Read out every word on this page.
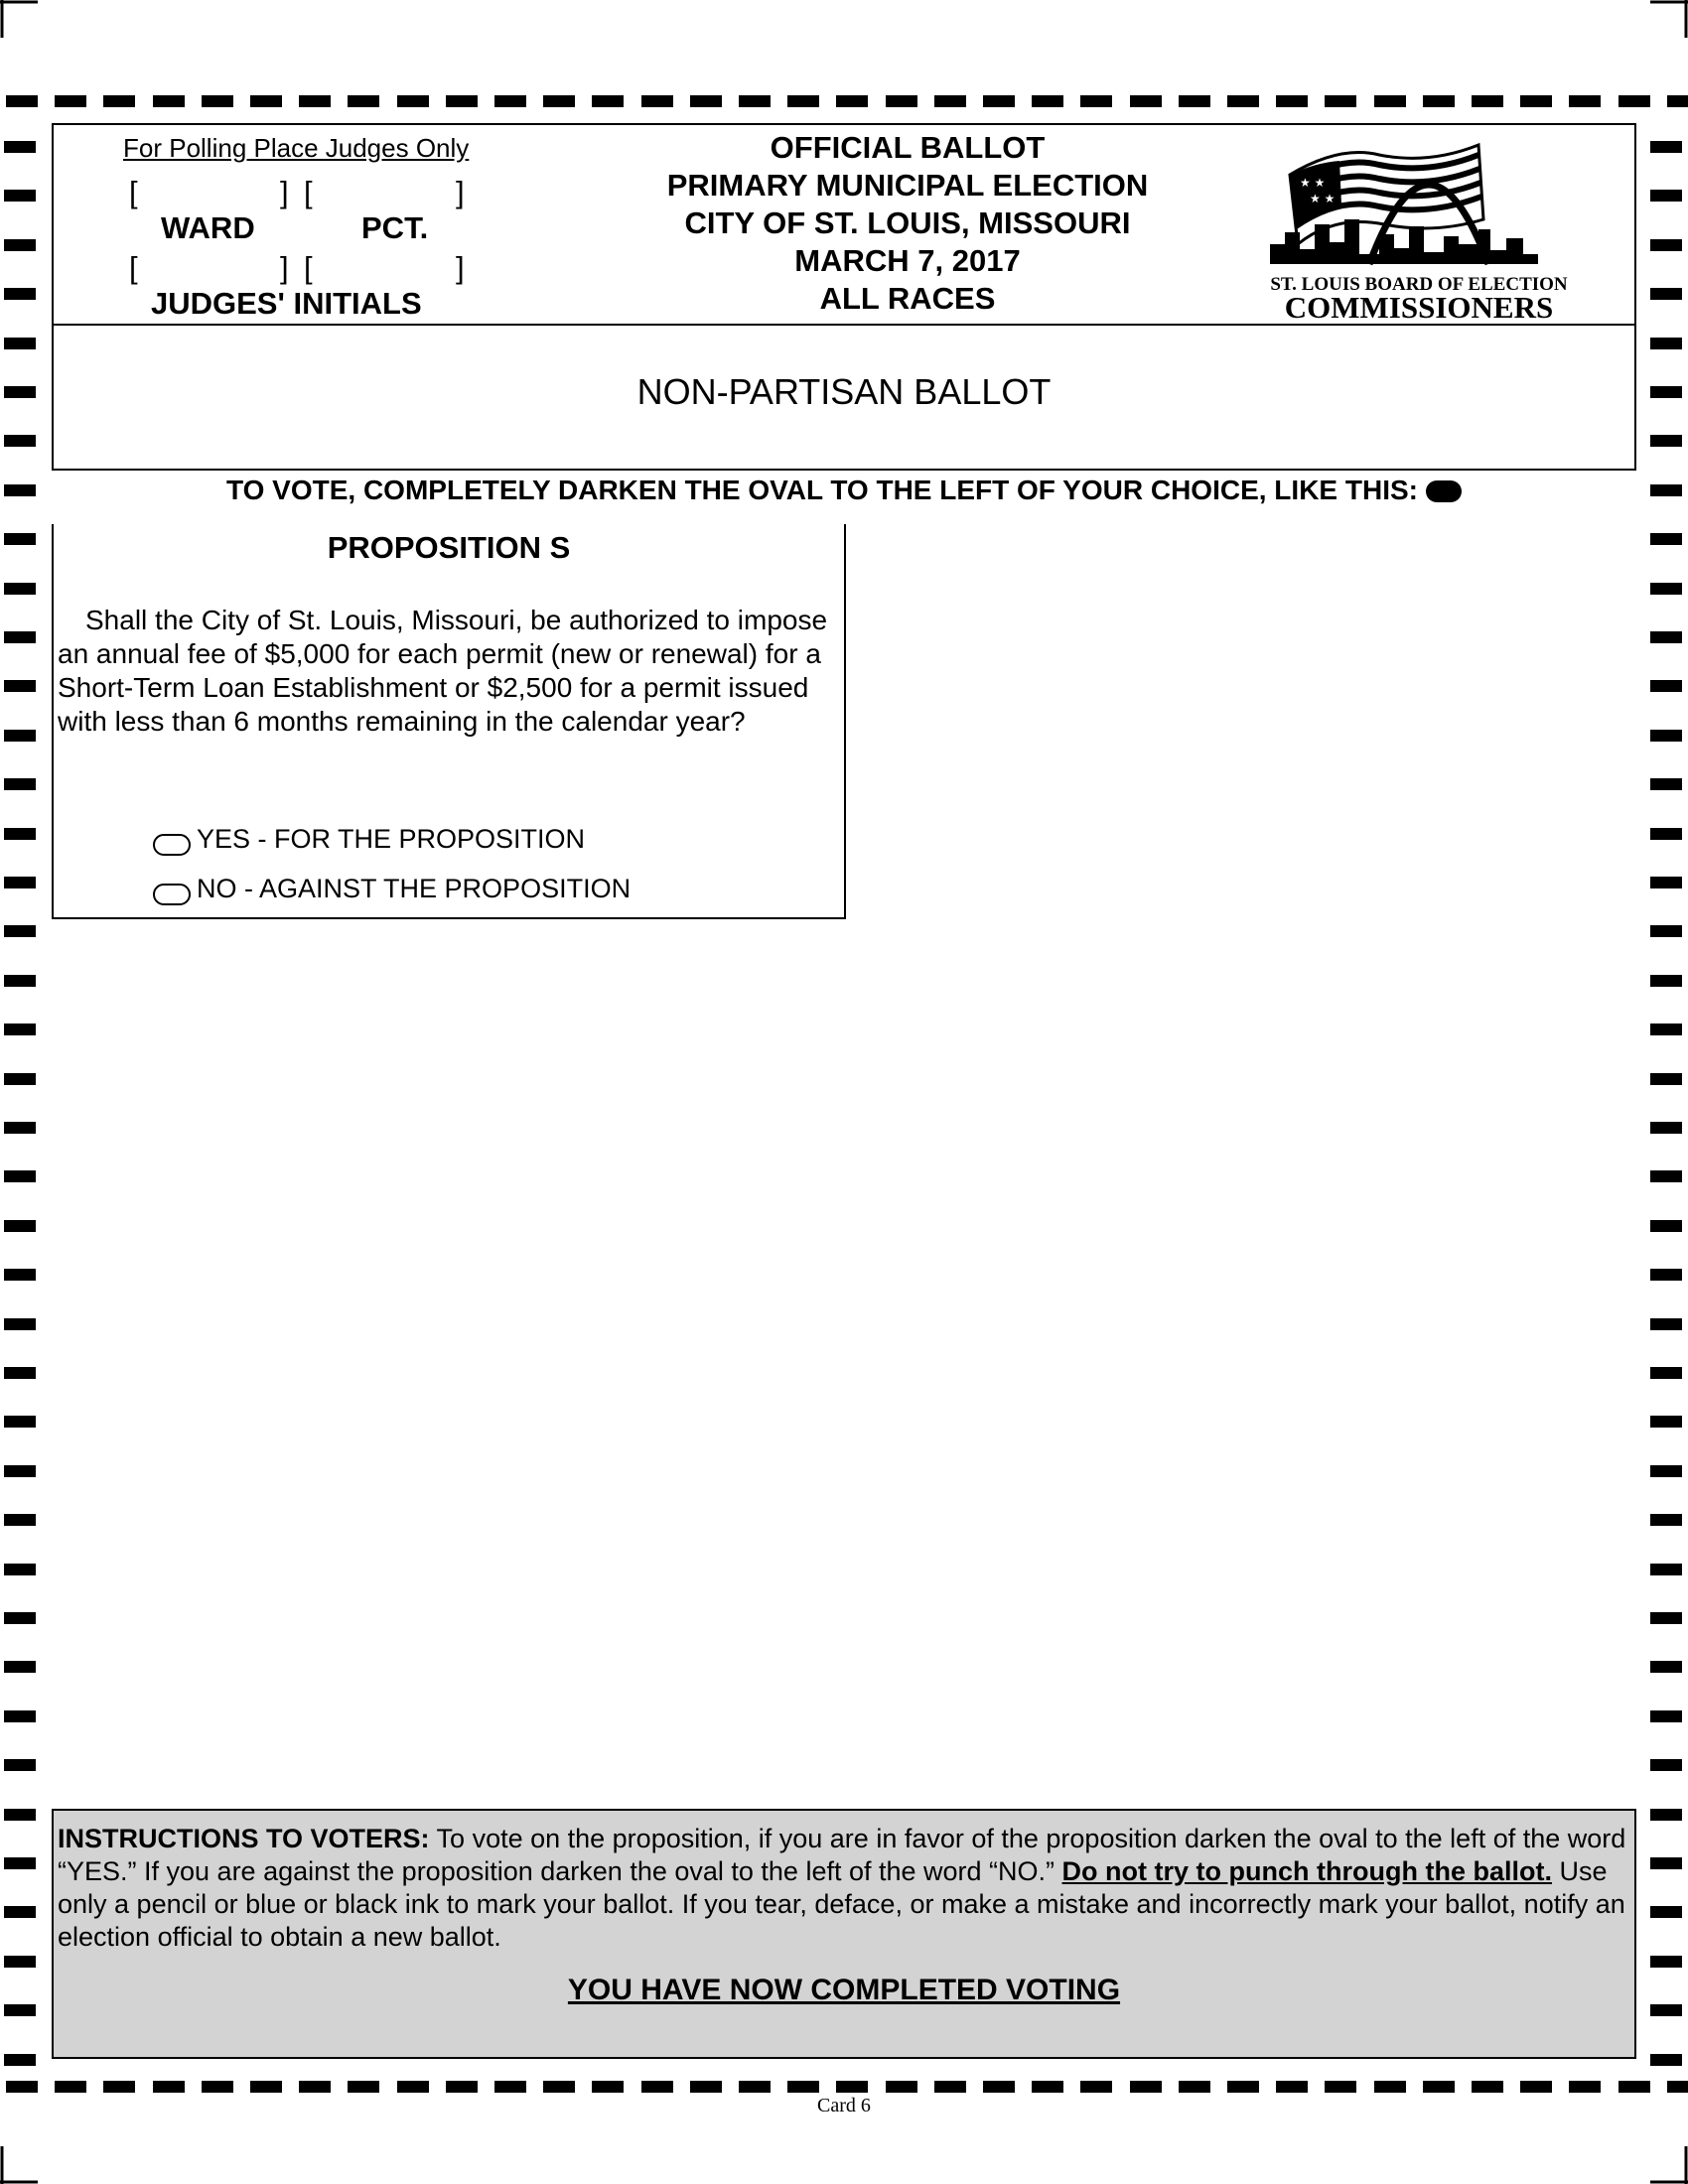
For Polling Place Judges Only
[	] [	]
WARD	PCT.
[	] [	]
JUDGES' INITIALS
OFFICIAL BALLOT
PRIMARY MUNICIPAL ELECTION
CITY OF ST. LOUIS, MISSOURI
MARCH 7, 2017
ALL RACES
★ ★
★ ★
ST. LOUIS BOARD OF ELECTION
COMMISSIONERS
NON-PARTISAN BALLOT
TO VOTE, COMPLETELY DARKEN THE OVAL TO THE LEFT OF YOUR CHOICE, LIKE THIS:
PROPOSITION S
Shall the City of St. Louis, Missouri, be authorized to impose an annual fee of $5,000 for each permit (new or renewal) for a Short-Term Loan Establishment or $2,500 for a permit issued with less than 6 months remaining in the calendar year?
YES - FOR THE PROPOSITION
NO - AGAINST THE PROPOSITION
INSTRUCTIONS TO VOTERS: To vote on the proposition, if you are in favor of the proposition darken the oval to the left of the word “YES.” If you are against the proposition darken the oval to the left of the word “NO.” Do not try to punch through the ballot. Use only a pencil or blue or black ink to mark your ballot. If you tear, deface, or make a mistake and incorrectly mark your ballot, notify an election official to obtain a new ballot.
YOU HAVE NOW COMPLETED VOTING
Card 6
